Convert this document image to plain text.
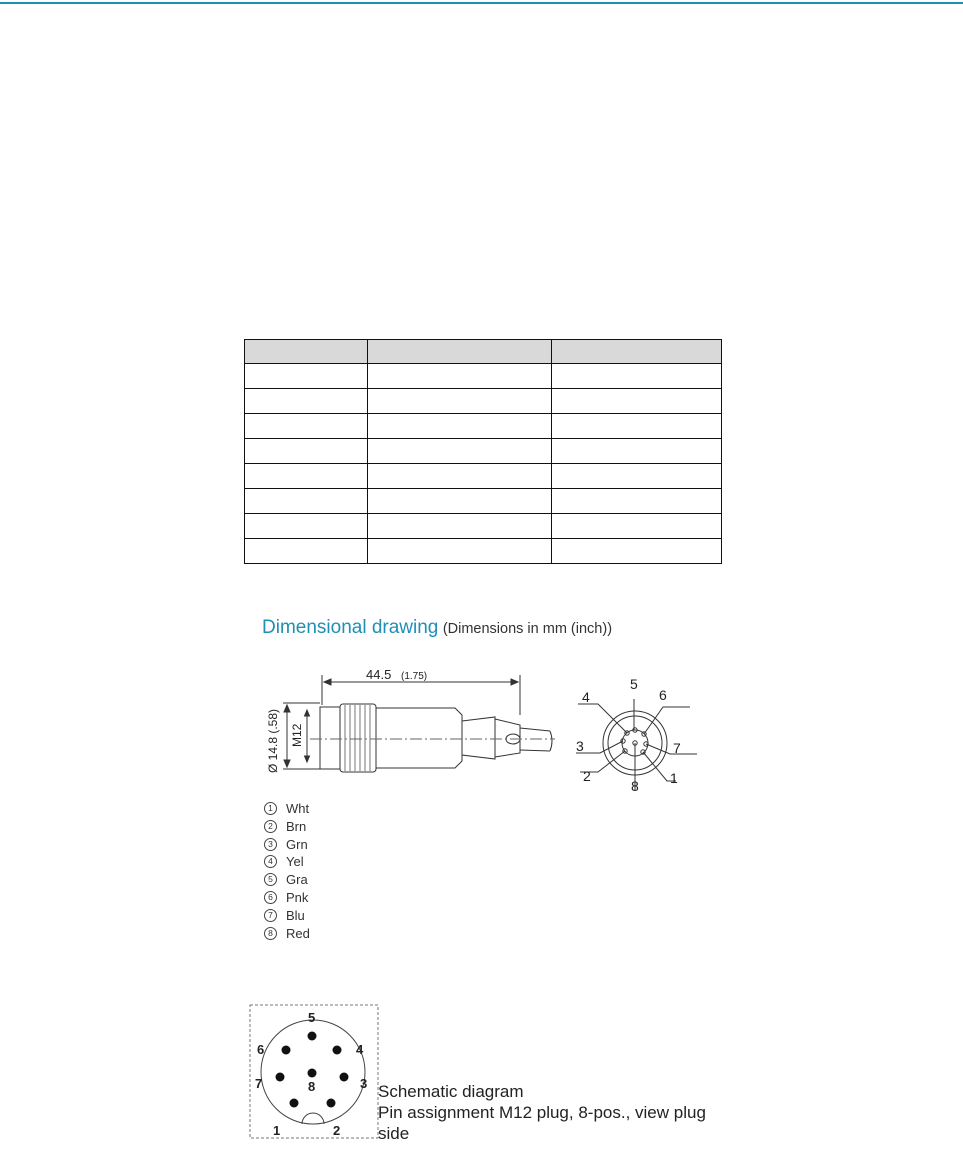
Dimensional drawing (Dimensions in mm (inch))
44.5 (1.75)
Ø 14.8 (.58) M12
1
2
3
4
5
6
7
8
1 Wht
2 Brn
3 Grn
4 Yel
5 Gra
6 Pnk
7 Blu
8 Red
1	2
3
4
5
6
7	8	Schematic diagram
Pin assignment M12 plug, 8-pos., view plug side
